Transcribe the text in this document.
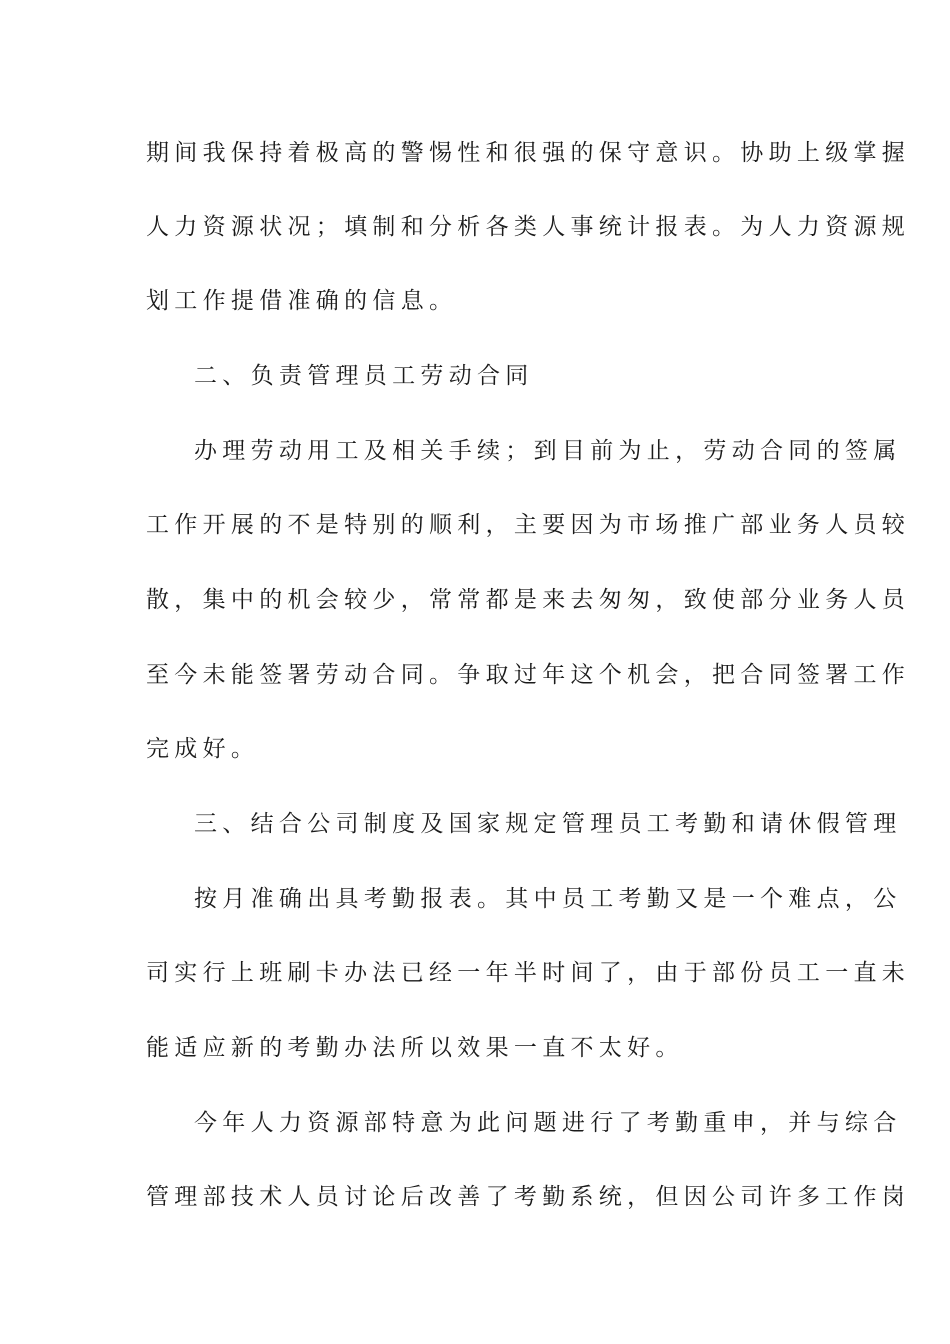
期间我保持着极高的警惕性和很强的保守意识。协助上级掌握
人力资源状况；填制和分析各类人事统计报表。为人力资源规
划工作提借准确的信息。
二、负责管理员工劳动合同
办理劳动用工及相关手续；到目前为止，劳动合同的签属
工作开展的不是特别的顺利，主要因为市场推广部业务人员较
散，集中的机会较少，常常都是来去匆匆，致使部分业务人员
至今未能签署劳动合同。争取过年这个机会，把合同签署工作
完成好。
三、结合公司制度及国家规定管理员工考勤和请休假管理
按月准确出具考勤报表。其中员工考勤又是一个难点，公
司实行上班刷卡办法已经一年半时间了，由于部份员工一直未
能适应新的考勤办法所以效果一直不太好。
今年人力资源部特意为此问题进行了考勤重申，并与综合
管理部技术人员讨论后改善了考勤系统，但因公司许多工作岗
